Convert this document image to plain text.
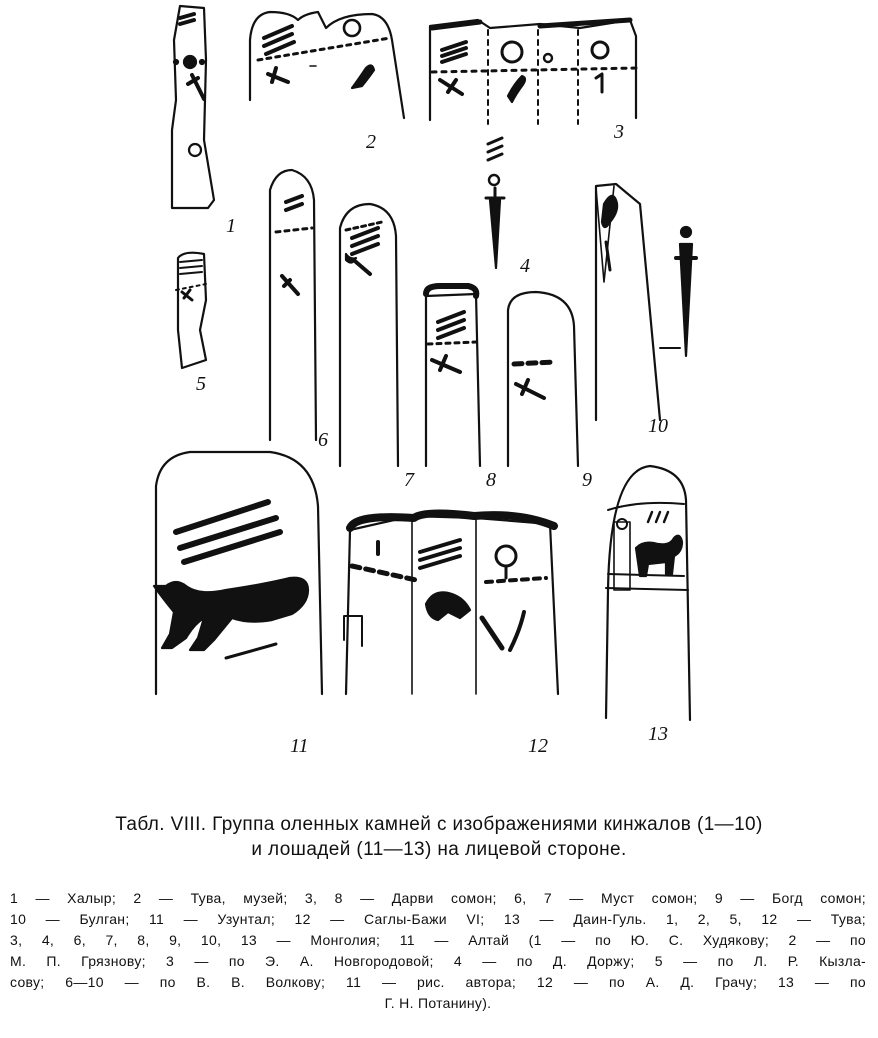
1
2	3
4
5
6
7	8	9
10
11	12
13
Табл. VIII. Группа оленных камней с изображениями кинжалов (1—10)
и лошадей (11—13) на лицевой стороне.
1 — Халыр; 2 — Тува, музей; 3, 8 — Дарви сомон; 6, 7 — Муст сомон; 9 — Богд сомон;
10 — Булган; 11 — Узунтал; 12 — Саглы-Бажи VI; 13 — Даин-Гуль. 1, 2, 5, 12 — Тува;
3, 4, 6, 7, 8, 9, 10, 13 — Монголия; 11 — Алтай (1 — по Ю. С. Худякову; 2 — по
М. П. Грязнову; 3 — по Э. А. Новгородовой; 4 — по Д. Доржу; 5 — по Л. Р. Кызла-
сову; 6—10 — по В. В. Волкову; 11 — рис. автора; 12 — по А. Д. Грачу; 13 — по
Г. Н. Потанину).
